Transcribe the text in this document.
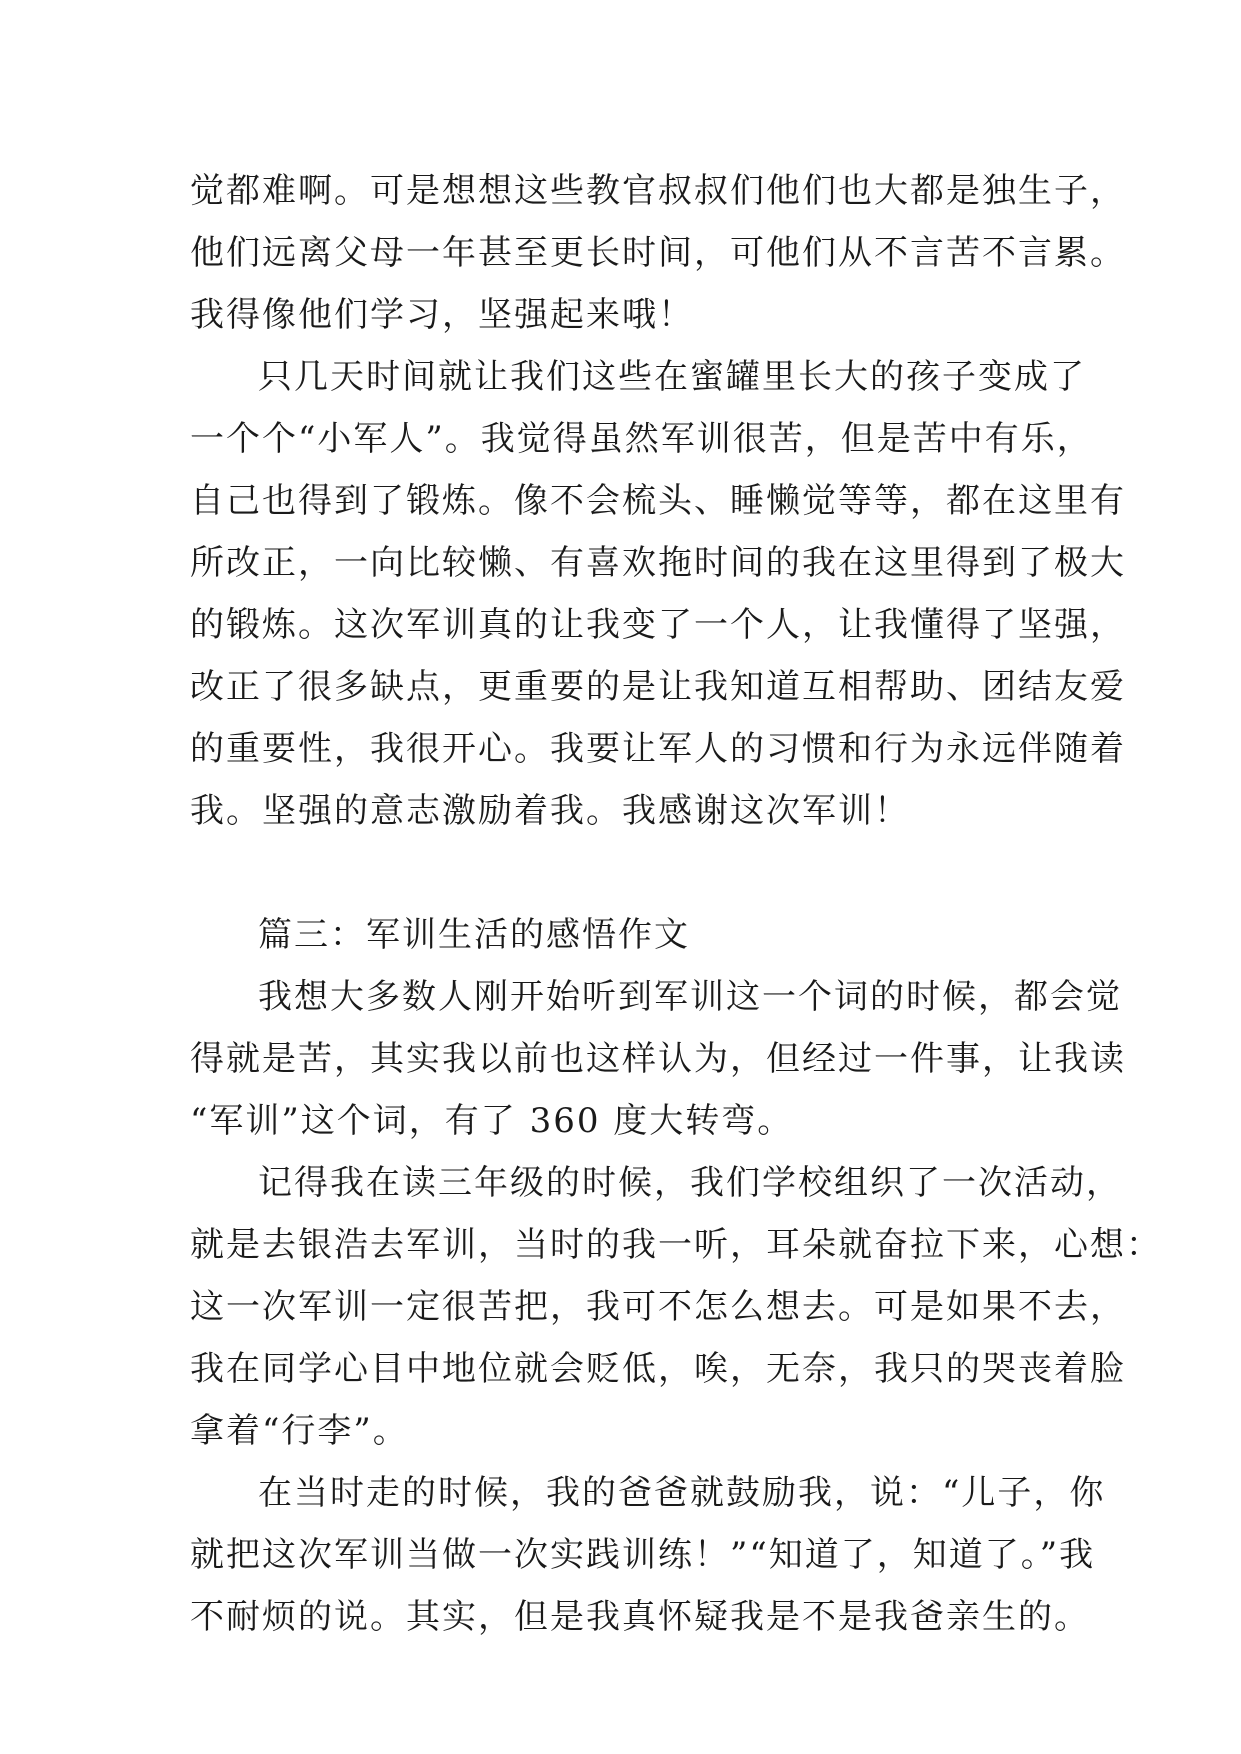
觉都难啊。可是想想这些教官叔叔们他们也大都是独生子，
他们远离父母一年甚至更长时间，可他们从不言苦不言累。
我得像他们学习，坚强起来哦！
只几天时间就让我们这些在蜜罐里长大的孩子变成了
一个个“小军人”。我觉得虽然军训很苦，但是苦中有乐，
自己也得到了锻炼。像不会梳头、睡懒觉等等，都在这里有
所改正，一向比较懒、有喜欢拖时间的我在这里得到了极大
的锻炼。这次军训真的让我变了一个人，让我懂得了坚强，
改正了很多缺点，更重要的是让我知道互相帮助、团结友爱
的重要性，我很开心。我要让军人的习惯和行为永远伴随着
我。坚强的意志激励着我。我感谢这次军训！
篇三：军训生活的感悟作文
我想大多数人刚开始听到军训这一个词的时候，都会觉
得就是苦，其实我以前也这样认为，但经过一件事，让我读
“军训”这个词，有了 360 度大转弯。
记得我在读三年级的时候，我们学校组织了一次活动，
就是去银浩去军训，当时的我一听，耳朵就奋拉下来，心想：
这一次军训一定很苦把，我可不怎么想去。可是如果不去，
我在同学心目中地位就会贬低，唉，无奈，我只的哭丧着脸
拿着“行李”。
在当时走的时候，我的爸爸就鼓励我，说：“儿子，你
就把这次军训当做一次实践训练！”“知道了，知道了。”我
不耐烦的说。其实，但是我真怀疑我是不是我爸亲生的。
